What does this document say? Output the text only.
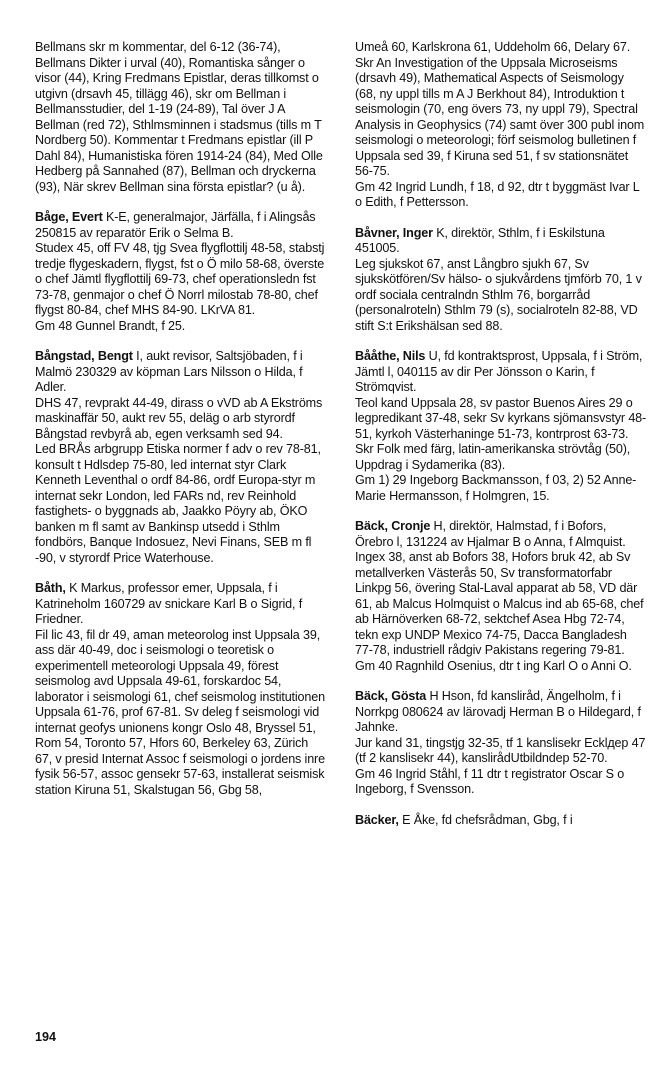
Bellmans skr m kommentar, del 6-12 (36-74), Bellmans Dikter i urval (40), Romantiska sånger o visor (44), Kring Fredmans Epistlar, deras tillkomst o utgivn (drsavh 45, tillägg 46), skr om Bellman i Bellmansstudier, del 1-19 (24-89), Tal över J A Bellman (red 72), Sthlmsminnen i stadsmus (tills m T Nordberg 50). Kommentar t Fredmans epistlar (ill P Dahl 84), Humanistiska fören 1914-24 (84), Med Olle Hedberg på Sannahed (87), Bellman och dryckerna (93), När skrev Bellman sina första epistlar? (u å).

Båge, Evert K-E, generalmajor, Järfälla, f i Alingsås 250815 av reparatör Erik o Selma B.

Studex 45, off FV 48, tjg Svea flygflottilj 48-58, stabstj tredje flygeskadern, flygst, fst o Ö milo 58-68, överste o chef Jämtl flygflottilj 69-73, chef operationsledn fst 73-78, genmajor o chef Ö Norrl milostab 78-80, chef flygst 80-84, chef MHS 84-90. LKrVA 81.

Gm 48 Gunnel Brandt, f 25.

Bångstad, Bengt I, aukt revisor, Saltsjöbaden, f i Malmö 230329 av köpman Lars Nilsson o Hilda, f Adler.

DHS 47, revprakt 44-49, dirass o vVD ab A Ekströms maskinaffär 50, aukt rev 55, deläg o arb styrordf Bångstad revbyrå ab, egen verksamh sed 94.

Led BRÅs arbgrupp Etiska normer f adv o rev 78-81, konsult t Hdlsdep 75-80, led internat styr Clark Kenneth Leventhal o ordf 84-86, ordf Europa-styr m internat sekr London, led FARs nd, rev Reinhold fastighets- o byggnads ab, Jaakko Pöyry ab, ÖKO banken m fl samt av Bankinsp utsedd i Sthlm fondbörs, Banque Indosuez, Nevi Finans, SEB m fl -90, v styrordf Price Waterhouse.

Båth, K Markus, professor emer, Uppsala, f i Katrineholm 160729 av snickare Karl B o Sigrid, f Friedner.

Fil lic 43, fil dr 49, aman meteorolog inst Uppsala 39, ass där 40-49, doc i seismologi o teoretisk o experimentell meteorologi Uppsala 49, förest seismolog avd Uppsala 49-61, forskardoc 54, laborator i seismologi 61, chef seismolog institutionen Uppsala 61-76, prof 67-81. Sv deleg f seismologi vid internat geofys unionens kongr Oslo 48, Bryssel 51, Rom 54, Toronto 57, Hfors 60, Berkeley 63, Zürich 67, v presid Internat Assoc f seismologi o jordens inre fysik 56-57, assoc gensekr 57-63, installerat seismisk station Kiruna 51, Skalstugan 56, Gbg 58,

Umeå 60, Karlskrona 61, Uddeholm 66, Delary 67.

Skr An Investigation of the Uppsala Microseisms (drsavh 49), Mathematical Aspects of Seismology (68, ny uppl tills m A J Berkhout 84), Introduktion t seismologin (70, eng övers 73, ny uppl 79), Spectral Analysis in Geophysics (74) samt över 300 publ inom seismologi o meteorologi; förf seismolog bulletinen f Uppsala sed 39, f Kiruna sed 51, f sv stationsnätet 56-75.

Gm 42 Ingrid Lundh, f 18, d 92, dtr t byggmäst Ivar L o Edith, f Pettersson.

Båvner, Inger K, direktör, Sthlm, f i Eskilstuna 451005.

Leg sjukskot 67, anst Långbro sjukh 67, Sv sjukskötfören/Sv hälso- o sjukvårdens tjmförb 70, 1 v ordf sociala centralndn Sthlm 76, borgarråd (personalroteln) Sthlm 79 (s), socialroteln 82-88, VD stift S:t Erikshälsan sed 88.

Bååthe, Nils U, fd kontraktsprost, Uppsala, f i Ström, Jämtl l, 040115 av dir Per Jönsson o Karin, f Strömqvist.

Teol kand Uppsala 28, sv pastor Buenos Aires 29 o legpredikant 37-48, sekr Sv kyrkans sjömansvstyr 48-51, kyrkoh Västerhaninge 51-73, kontrprost 63-73.

Skr Folk med färg, latin-amerikanska strövtåg (50), Uppdrag i Sydamerika (83).

Gm 1) 29 Ingeborg Backmansson, f 03, 2) 52 Anne-Marie Hermansson, f Holmgren, 15.

Bäck, Cronje H, direktör, Halmstad, f i Bofors, Örebro l, 131224 av Hjalmar B o Anna, f Almquist.

Ingex 38, anst ab Bofors 38, Hofors bruk 42, ab Sv metallverken Västerås 50, Sv transformatorfabr Linkpg 56, övering Stal-Laval apparat ab 58, VD där 61, ab Malcus Holmquist o Malcus ind ab 65-68, chef ab Härnöverken 68-72, sektchef Asea Hbg 72-74, tekn exp UNDP Mexico 74-75, Dacca Bangladesh 77-78, industriell rådgiv Pakistans regering 79-81.

Gm 40 Ragnhild Osenius, dtr t ing Karl O o Anni O.

Bäck, Gösta H Hson, fd kansliråd, Ängelholm, f i Norrkpg 080624 av lärovadj Herman B o Hildegard, f Jahnke.

Jur kand 31, tingstjg 32-35, tf 1 kanslisekr Ecklдep 47 (tf 2 kanslisekr 44), kanslirådUtbildndep 52-70.

Gm 46 Ingrid Ståhl, f 11 dtr t registrator Oscar S o Ingeborg, f Svensson.

Bäcker, E Åke, fd chefsrådman, Gbg, f i

194
